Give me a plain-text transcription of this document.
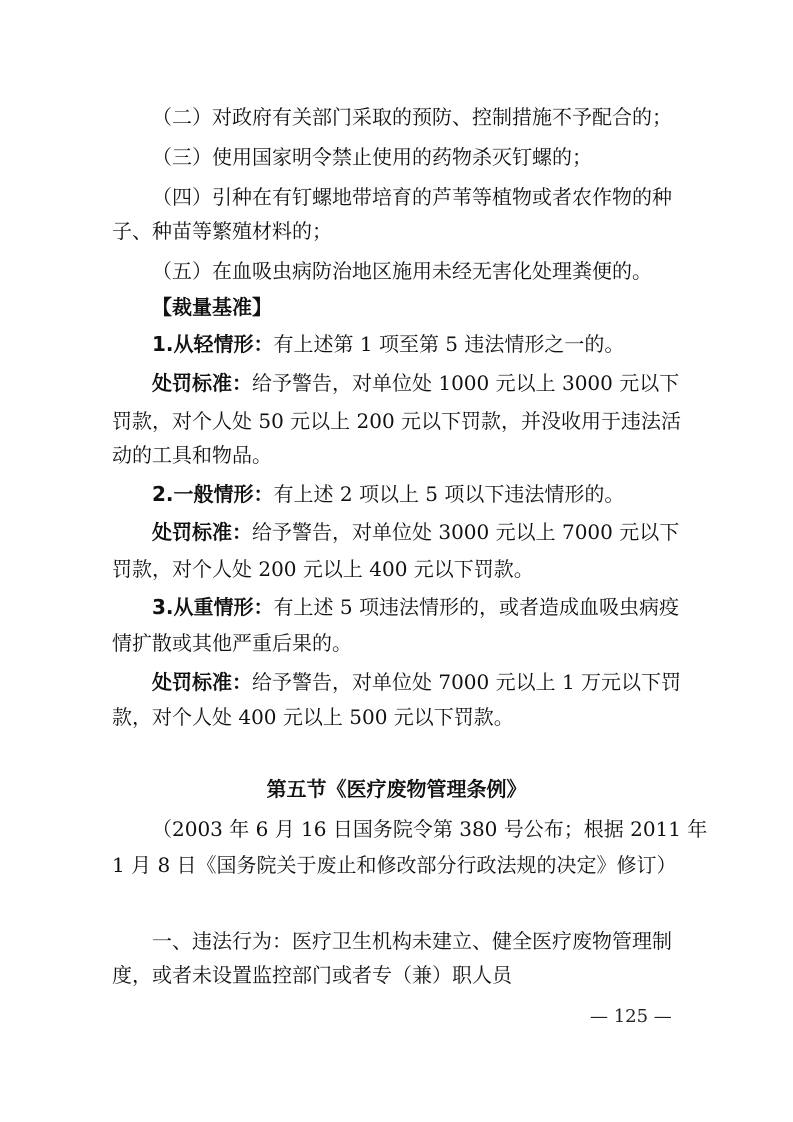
（二）对政府有关部门采取的预防、控制措施不予配合的；
（三）使用国家明令禁止使用的药物杀灭钉螺的；
（四）引种在有钉螺地带培育的芦苇等植物或者农作物的种
子、种苗等繁殖材料的；
（五）在血吸虫病防治地区施用未经无害化处理粪便的。
【裁量基准】
1.从轻情形：有上述第 1 项至第 5 违法情形之一的。
处罚标准：给予警告，对单位处 1000 元以上 3000 元以下
罚款，对个人处 50 元以上 200 元以下罚款，并没收用于违法活
动的工具和物品。
2.一般情形：有上述 2 项以上 5 项以下违法情形的。
处罚标准：给予警告，对单位处 3000 元以上 7000 元以下
罚款，对个人处 200 元以上 400 元以下罚款。
3.从重情形：有上述 5 项违法情形的，或者造成血吸虫病疫
情扩散或其他严重后果的。
处罚标准：给予警告，对单位处 7000 元以上 1 万元以下罚
款，对个人处 400 元以上 500 元以下罚款。
第五节《医疗废物管理条例》
（2003 年 6 月 16 日国务院令第 380 号公布；根据 2011 年
1 月 8 日《国务院关于废止和修改部分行政法规的决定》修订）
一、违法行为：医疗卫生机构未建立、健全医疗废物管理制
度，或者未设置监控部门或者专（兼）职人员
— 125 —
